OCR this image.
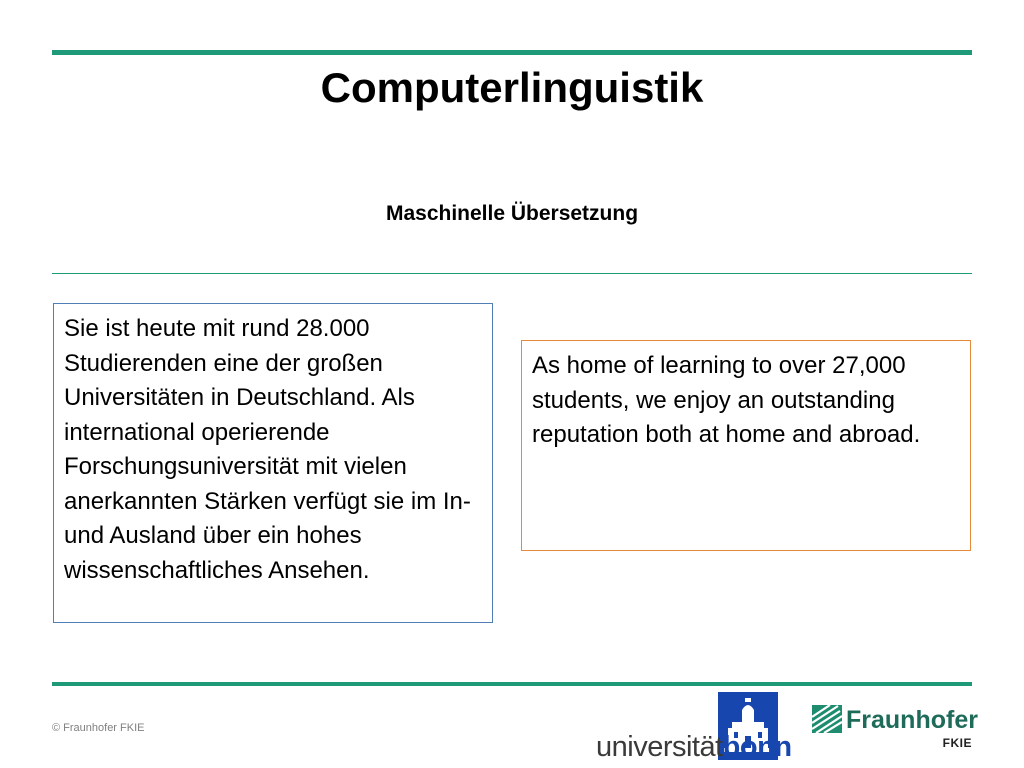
Computerlinguistik
Maschinelle Übersetzung
Sie ist heute mit rund 28.000 Studierenden eine der großen Universitäten in Deutschland. Als international operierende Forschungsuniversität mit vielen anerkannten Stärken verfügt sie im In- und Ausland über ein hohes wissenschaftliches Ansehen.
As home of learning to over 27,000 students, we enjoy an outstanding reputation both at home and abroad.
© Fraunhofer FKIE
universitätbonn
Fraunhofer
FKIE
